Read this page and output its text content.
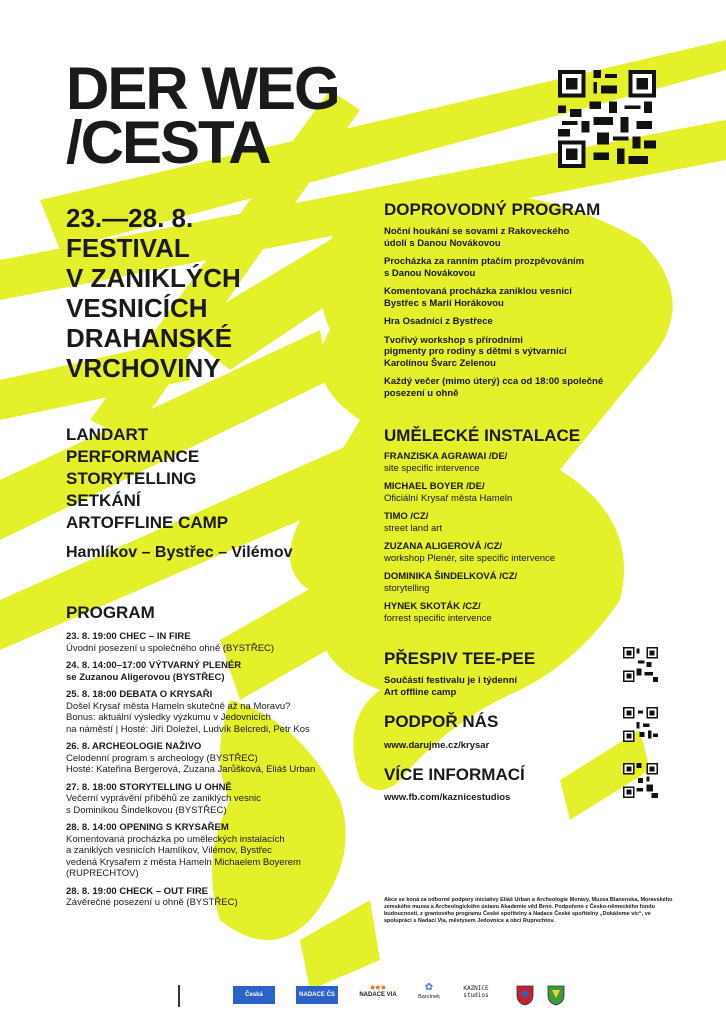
DER WEG
/CESTA
23.—28. 8.
FESTIVAL
V ZANIKLÝCH
VESNICÍCH
DRAHANSKÉ
VRCHOVINY
LANDART
PERFORMANCE
STORYTELLING
SETKÁNÍ
ARTOFFLINE CAMP
Hamlíkov – Bystřec – Vilémov
PROGRAM
23. 8. 19:00 CHEC – IN FIRE
Úvodní posezení u společného ohně (BYSTŘEC)
24. 8. 14:00–17:00 VÝTVARNÝ PLENÉR
se Zuzanou Aligerovou (BYSTŘEC)
25. 8. 18:00 DEBATA O KRYSAŘI
Došel Krysař města Hameln skutečně až na Moravu?
Bonus: aktuální výsledky výzkumu v Jedovnicích
na náměstí | Hosté: Jiří Doležel, Ludvík Belcredi, Petr Kos
26. 8. ARCHEOLOGIE NAŽIVO
Celodenní program s archeology (BYSTŘEC)
Hosté: Kateřina Bergerová, Zuzana Jarůšková, Eliáš Urban
27. 8. 18:00 STORYTELLING U OHNĚ
Večerní vyprávění příběhů ze zaniklých vesnic
s Dominikou Šindelkovou (BYSTŘEC)
28. 8. 14:00 OPENING S KRYSAŘEM
Komentovaná procházka po uměleckých instalacích
a zaniklých vesnicích Hamlíkov, Vilémov, Bystřec
vedená Krysařem z města Hameln Michaelem Boyerem
(RUPRECHTOV)
28. 8. 19:00 CHECK – OUT FIRE
Závěrečné posezení u ohně (BYSTŘEC)
DOPROVODNÝ PROGRAM
Noční houkání se sovami z Rakoveckého
údolí s Danou Novákovou
Procházka za ranním ptačím prozpěvováním
s Danou Novákovou
Komentovaná procházka zaniklou vesnicí
Bystřec s Marií Horákovou
Hra Osadníci z Bystřece
Tvořivý workshop s přírodními
pigmenty pro rodiny s dětmi s výtvarnicí
Karolínou Švarc Zelenou
Každý večer (mimo úterý) cca od 18:00 společné
posezení u ohně
UMĚLECKÉ INSTALACE
FRANZISKA AGRAWAI /DE/
site specific intervence
MICHAEL BOYER /DE/
Oficiální Krysař města Hameln
TIMO /CZ/
street land art
ZUZANA ALIGEROVÁ /CZ/
workshop Plenér, site specific intervence
DOMINIKA ŠINDELKOVÁ /CZ/
storytelling
HYNEK SKOTÁK /CZ/
forrest specific intervence
PŘESPIV TEE-PEE
Součástí festivalu je i týdenní
Art offline camp
PODPOŘ NÁS
www.darujme.cz/krysar
VÍCE INFORMACÍ
www.fb.com/kaznicestudios
Akce se koná za odborné podpory iniciativy Eliáš Urban a Archeologie Moravy, Muzea Blanenska, Moravského zemského muzea a Archeologického ústavu Akademie věd Brno. Podpořeno z Česko-německého fondu budoucnosti, z grantového programu České spořitelny a Nadace České spořitelny „Dokážeme víc“, ve spolupráci s Nadací Via, městysem Jedovnice a obcí Ruprechtov.
Česká spořitelna
NADACE ČS
●●●
NADACE VIA
✿
Barvínek
KAZNICE studios
